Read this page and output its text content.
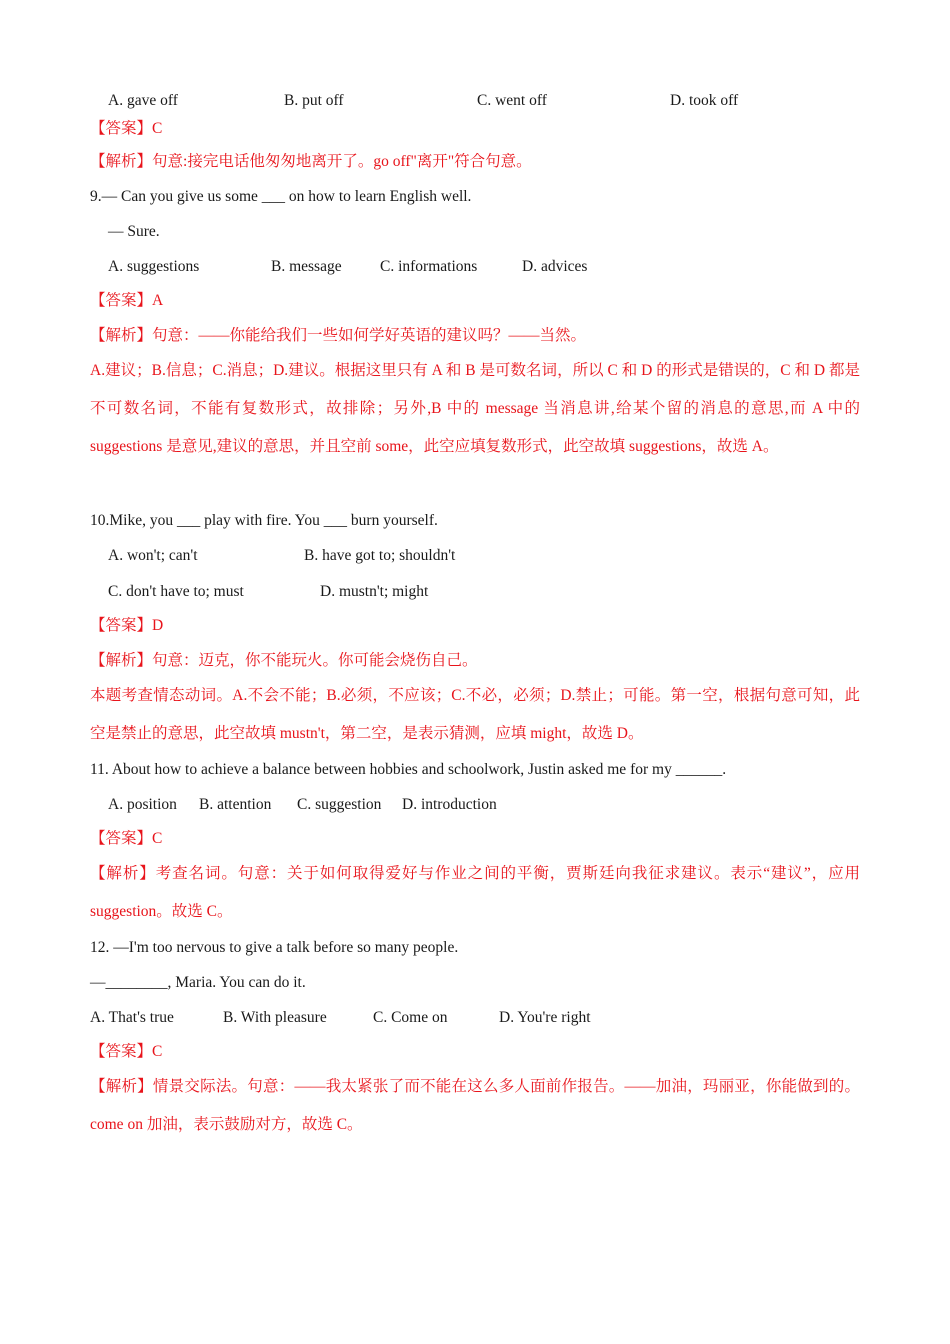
A. gave off	B. put off	C. went off	D. took off
【答案】C
【解析】句意:接完电话他匆匆地离开了。go off"离开"符合句意。
9.— Can you give us some ___ on how to learn English well.
— Sure.
A. suggestions	B. message C. informations	D. advices
【答案】A
【解析】句意：——你能给我们一些如何学好英语的建议吗？——当然。
A.建议；B.信息；C.消息；D.建议。根据这里只有 A 和 B 是可数名词，所以 C 和 D 的形式是错误的，C 和 D 都是不可数名词，不能有复数形式，故排除；另外,B 中的 message 当消息讲,给某个留的消息的意思,而 A 中的 suggestions 是意见,建议的意思，并且空前 some，此空应填复数形式，此空故填 suggestions，故选 A。
10.Mike, you ___ play with fire. You ___ burn yourself.
A. won't; can't	B. have got to; shouldn't
C. don't have to; must	D. mustn't; might
【答案】D
【解析】句意：迈克，你不能玩火。你可能会烧伤自己。
本题考查情态动词。A.不会不能；B.必须，不应该；C.不必，必须；D.禁止；可能。第一空，根据句意可知，此空是禁止的意思，此空故填 mustn't，第二空，是表示猜测，应填 might，故选 D。
11. About how to achieve a balance between hobbies and schoolwork, Justin asked me for my ______.
A. position B. attention C. suggestion D. introduction
【答案】C
【解析】考查名词。句意：关于如何取得爱好与作业之间的平衡，贾斯廷向我征求建议。表示“建议”，应用 suggestion。故选 C。
12. —I'm too nervous to give a talk before so many people.
—________, Maria. You can do it.
A. That's true	B. With pleasure	C. Come on	D. You're right
【答案】C
【解析】情景交际法。句意：——我太紧张了而不能在这么多人面前作报告。——加油，玛丽亚，你能做到的。come on 加油，表示鼓励对方，故选 C。
